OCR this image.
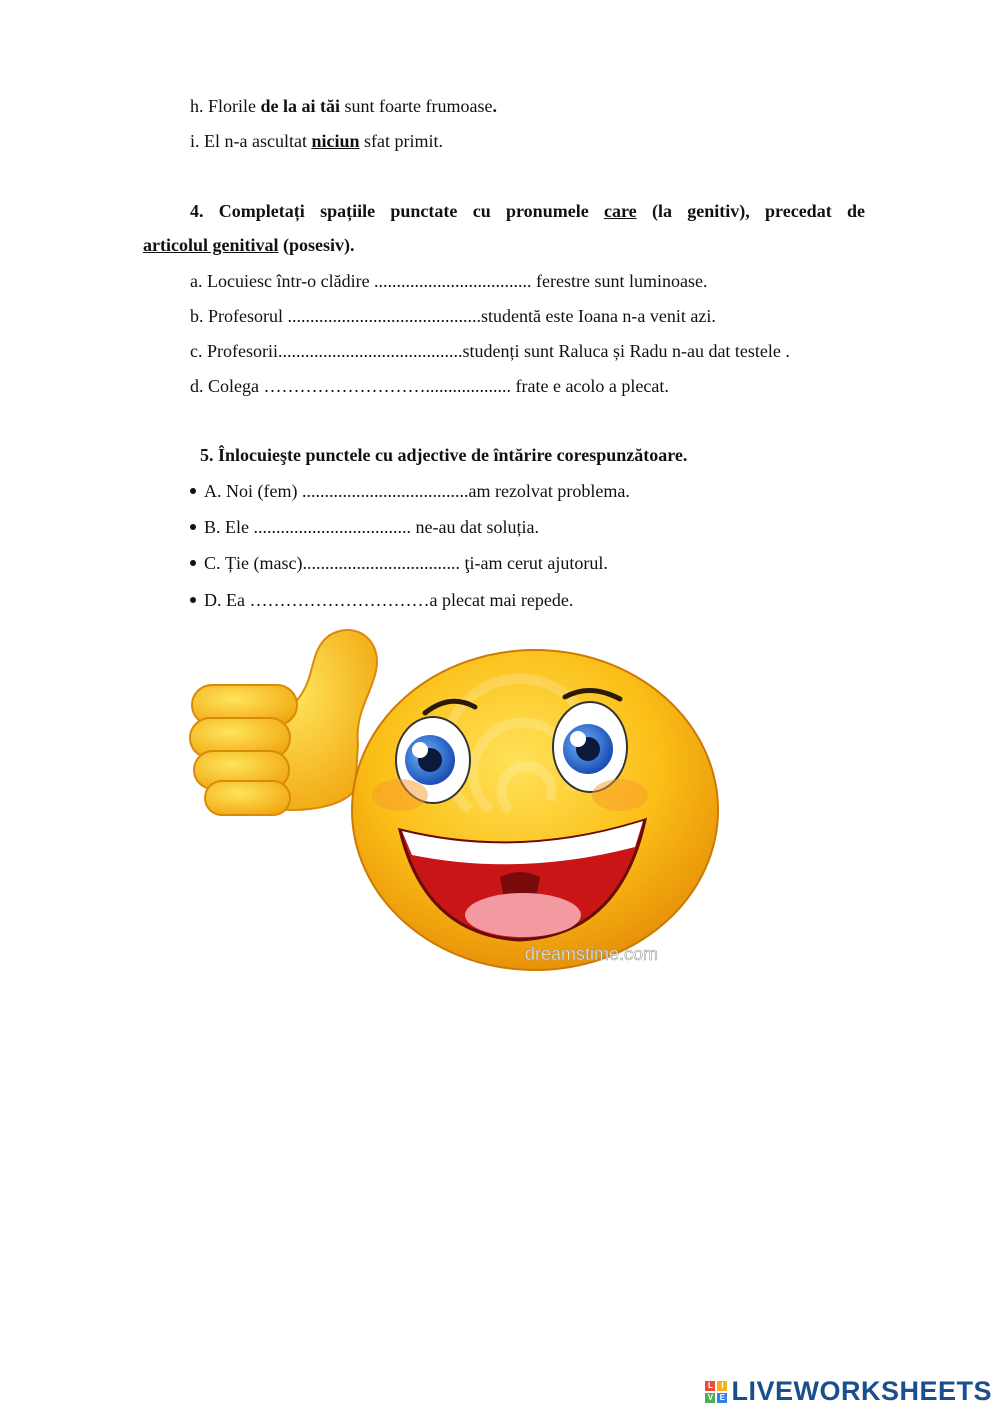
h. Florile de la ai tăi sunt foarte frumoase.
i. El n-a ascultat niciun sfat primit.
4. Completați spațiile punctate cu pronumele care (la genitiv), precedat de
articolul genitival (posesiv).
a. Locuiesc într-o clădire ................................... ferestre sunt luminoase.
b. Profesorul ...........................................studentă este Ioana n-a venit azi.
c. Profesorii.........................................studenți sunt Raluca și Radu n-au dat testele .
d. Colega ………………………................... frate e acolo a plecat.
5. Înlocuieşte punctele cu adjective de întărire corespunzătoare.
A. Noi (fem) .....................................am rezolvat problema.
B. Ele ................................... ne-au dat soluția.
C. Ție (masc)................................... ţi-am cerut ajutorul.
D. Ea …………………………a plecat mai repede.
dreamstime.com
L	I
V E LIVEWORKSHEETS
